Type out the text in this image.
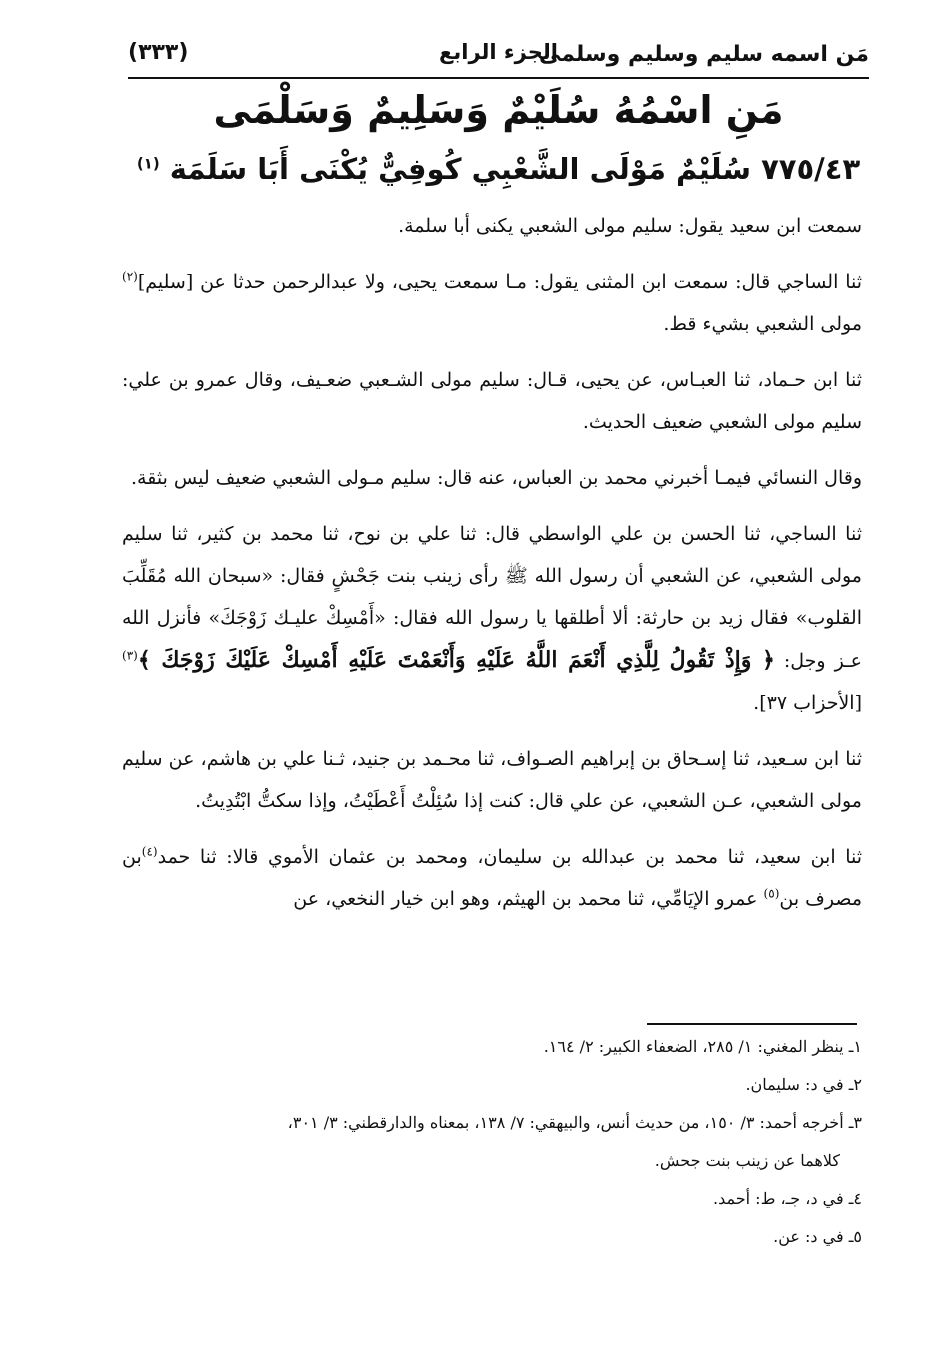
مَن اسمه سليم وسليم وسلمى
الجزء الرابع
(٣٣٣)
مَنِ اسْمُهُ سُلَيْمٌ وَسَلِيمٌ وَسَلْمَى
٧٧٥/٤٣ سُلَيْمٌ مَوْلَى الشَّعْبِي كُوفِيٌّ يُكْنَى أَبَا سَلَمَة $^{(١)}$

سمعت ابن سعيد يقول: سليم مولى الشعبي يكنى أبا سلمة.

ثنا الساجي قال: سمعت ابن المثنى يقول: مـا سمعت يحيى، ولا عبدالرحمن حدثا عن [سليم]$^{(٢)}$ مولى الشعبي بشيء قط.

ثنا ابن حـماد، ثنا العبـاس، عن يحيى، قـال: سليم مولى الشـعبي ضعـيف، وقال عمرو بن علي: سليم مولى الشعبي ضعيف الحديث.

وقال النسائي فيمـا أخبرني محمد بن العباس، عنه قال: سليم مـولى الشعبي ضعيف ليس بثقة.

ثنا الساجي، ثنا الحسن بن علي الواسطي قال: ثنا علي بن نوح، ثنا محمد بن كثير، ثنا سليم مولى الشعبي، عن الشعبي أن رسول الله ﷺ رأى زينب بنت جَحْشٍ فقال: «سبحان الله مُقَلِّبَ القلوب» فقال زيد بن حارثة: ألا أطلقها يا رسول الله فقال: «أَمْسِكْ عليـك زَوْجَكَ» فأنزل الله عـز وجل: ﴿ وَإِذْ تَقُولُ لِلَّذِي أَنْعَمَ اللَّهُ عَلَيْهِ وَأَنْعَمْتَ عَلَيْهِ أَمْسِكْ عَلَيْكَ زَوْجَكَ ﴾$^{(٣)}$ [الأحزاب ٣٧].

ثنا ابن سـعيد، ثنا إسـحاق بن إبراهيم الصـواف، ثنا محـمد بن جنيد، ثـنا علي بن هاشم، عن سليم مولى الشعبي، عـن الشعبي، عن علي قال: كنت إذا سُئِلْتُ أَعْطَيْتُ، وإذا سكتُّ ابْتُدِيتُ.

ثنا ابن سعيد، ثنا محمد بن عبدالله بن سليمان، ومحمد بن عثمان الأموي قالا: ثنا حمد$^{(٤)}$بن مصرف بن$^{(٥)}$ عمرو الإيَامِّي، ثنا محمد بن الهيثم، وهو ابن خيار النخعي، عن

١ـ ينظر المغني: ١/ ٢٨٥، الضعفاء الكبير: ٢/ ١٦٤.

٢ـ في د: سليمان.

٣ـ أخرجه أحمد: ٣/ ١٥٠، من حديث أنس، والبيهقي: ٧/ ١٣٨، بمعناه والدارقطني: ٣/ ٣٠١،

كلاهما عن زينب بنت جحش.

٤ـ في د، جـ، ط: أحمد.

٥ـ في د: عن.
